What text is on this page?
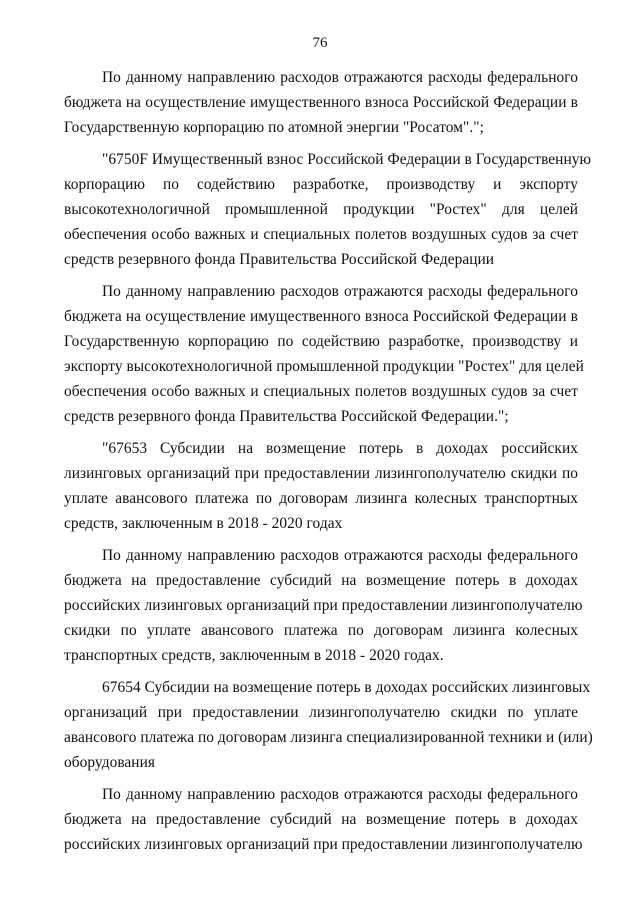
76
По данному направлению расходов отражаются расходы федерального
бюджета на осуществление имущественного взноса Российской Федерации в
Государственную корпорацию по атомной энергии "Росатом".";
"6750F Имущественный взнос Российской Федерации в Государственную
корпорацию по содействию разработке, производству и экспорту
высокотехнологичной промышленной продукции "Ростех" для целей
обеспечения особо важных и специальных полетов воздушных судов за счет
средств резервного фонда Правительства Российской Федерации
По данному направлению расходов отражаются расходы федерального
бюджета на осуществление имущественного взноса Российской Федерации в
Государственную корпорацию по содействию разработке, производству и
экспорту высокотехнологичной промышленной продукции "Ростех" для целей
обеспечения особо важных и специальных полетов воздушных судов за счет
средств резервного фонда Правительства Российской Федерации.";
"67653 Субсидии на возмещение потерь в доходах российских
лизинговых организаций при предоставлении лизингополучателю скидки по
уплате авансового платежа по договорам лизинга колесных транспортных
средств, заключенным в 2018 - 2020 годах
По данному направлению расходов отражаются расходы федерального
бюджета на предоставление субсидий на возмещение потерь в доходах
российских лизинговых организаций при предоставлении лизингополучателю
скидки по уплате авансового платежа по договорам лизинга колесных
транспортных средств, заключенным в 2018 - 2020 годах.
67654 Субсидии на возмещение потерь в доходах российских лизинговых
организаций при предоставлении лизингополучателю скидки по уплате
авансового платежа по договорам лизинга специализированной техники и (или)
оборудования
По данному направлению расходов отражаются расходы федерального
бюджета на предоставление субсидий на возмещение потерь в доходах
российских лизинговых организаций при предоставлении лизингополучателю
